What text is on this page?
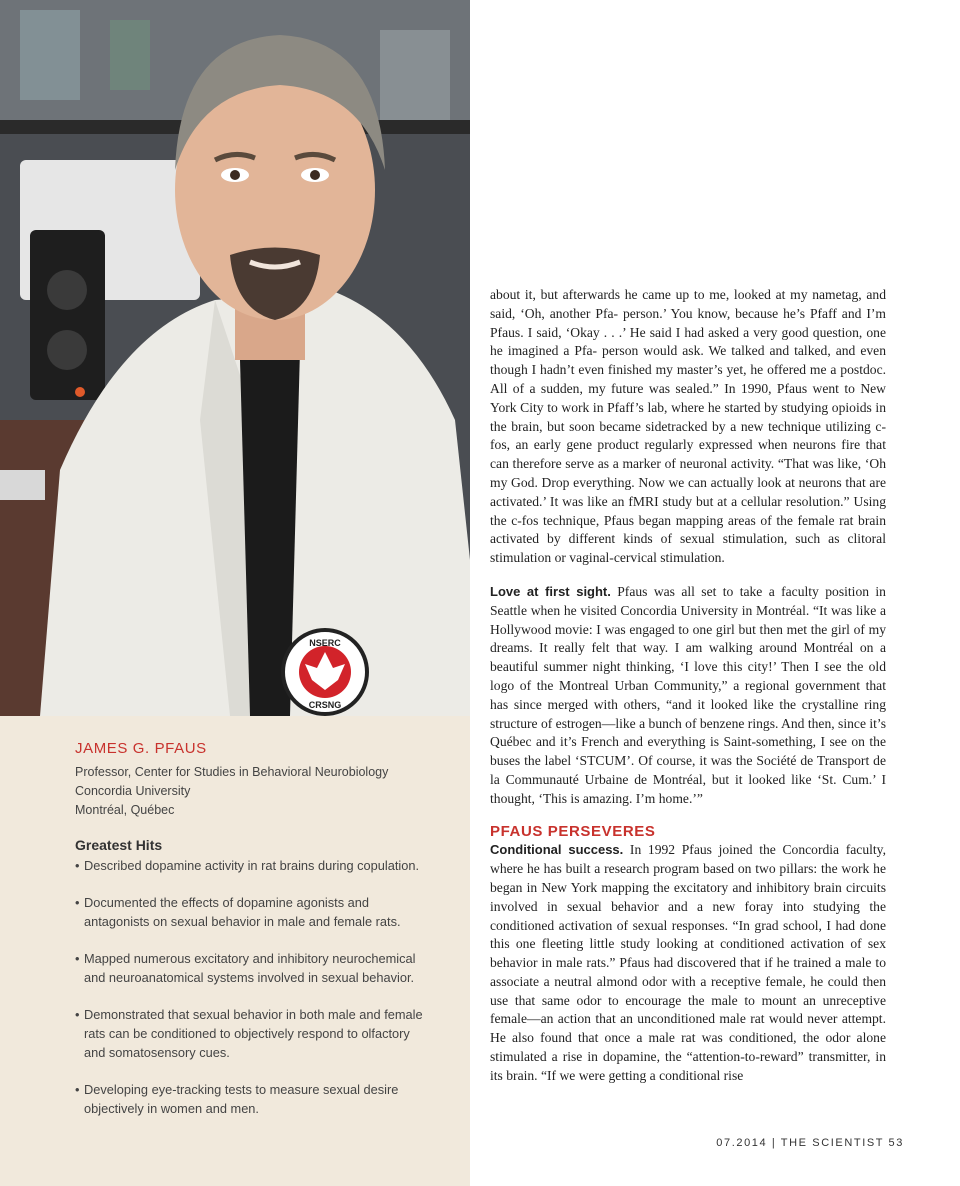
NSERC
CRSNG
JAMES G. PFAUS
Professor, Center for Studies in Behavioral Neurobiology
Concordia University
Montréal, Québec
Greatest Hits
• Described dopamine activity in rat brains during copulation.
• Documented the effects of dopamine agonists and antagonists on sexual behavior in male and female rats.
• Mapped numerous excitatory and inhibitory neurochemical and neuroanatomical systems involved in sexual behavior.
• Demonstrated that sexual behavior in both male and female rats can be conditioned to objectively respond to olfactory and somatosensory cues.
• Developing eye-tracking tests to measure sexual desire objectively in women and men.

about it, but afterwards he came up to me, looked at my nametag, and said, ‘Oh, another Pfa- person.’ You know, because he’s Pfaff and I’m Pfaus. I said, ‘Okay . . .’ He said I had asked a very good question, one he imagined a Pfa- person would ask. We talked and talked, and even though I hadn’t even finished my master’s yet, he offered me a postdoc. All of a sudden, my future was sealed.” In 1990, Pfaus went to New York City to work in Pfaff’s lab, where he started by studying opioids in the brain, but soon became sidetracked by a new technique utilizing c-fos, an early gene product regularly expressed when neurons fire that can therefore serve as a marker of neuronal activity. “That was like, ‘Oh my God. Drop everything. Now we can actually look at neurons that are activated.’ It was like an fMRI study but at a cellular resolution.” Using the c-fos technique, Pfaus began mapping areas of the female rat brain activated by different kinds of sexual stimulation, such as clitoral stimulation or vaginal-cervical stimulation.

Love at first sight. Pfaus was all set to take a faculty position in Seattle when he visited Concordia University in Montréal. “It was like a Hollywood movie: I was engaged to one girl but then met the girl of my dreams. It really felt that way. I am walking around Montréal on a beautiful summer night thinking, ‘I love this city!’ Then I see the old logo of the Montreal Urban Community,” a regional government that has since merged with others, “and it looked like the crystalline ring structure of estrogen—like a bunch of benzene rings. And then, since it’s Québec and it’s French and everything is Saint-something, I see on the buses the label ‘STCUM’. Of course, it was the Société de Transport de la Communauté Urbaine de Montréal, but it looked like ‘St. Cum.’ I thought, ‘This is amazing. I’m home.’”

PFAUS PERSEVERES

Conditional success. In 1992 Pfaus joined the Concordia faculty, where he has built a research program based on two pillars: the work he began in New York mapping the excitatory and inhibitory brain circuits involved in sexual behavior and a new foray into studying the conditioned activation of sexual responses. “In grad school, I had done this one fleeting little study looking at conditioned activation of sex behavior in male rats.” Pfaus had discovered that if he trained a male to associate a neutral almond odor with a receptive female, he could then use that same odor to encourage the male to mount an unreceptive female—an action that an unconditioned male rat would never attempt. He also found that once a male rat was conditioned, the odor alone stimulated a rise in dopamine, the “attention-to-reward” transmitter, in its brain. “If we were getting a conditional rise

07.2014 | THE SCIENTIST 53
